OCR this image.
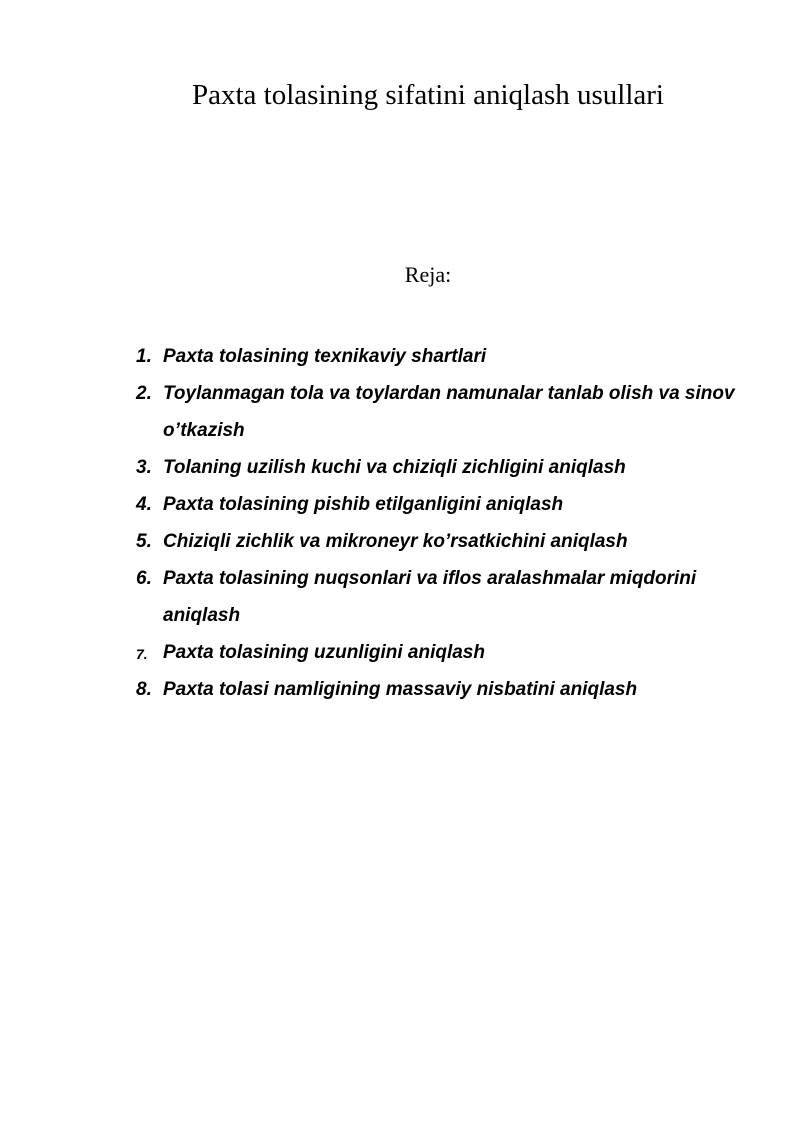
Paxta tolasining sifatini aniqlash usullari

Reja:

1. Paxta tolasining texnikaviy shartlari
2. Toylanmagan tola va toylardan namunalar tanlab olish va sinov o’tkazish
3. Tolaning uzilish kuchi va chiziqli zichligini aniqlash
4. Paxta tolasining pishib etilganligini aniqlash
5. Chiziqli zichlik va mikroneyr ko’rsatkichini aniqlash
6. Paxta tolasining nuqsonlari va iflos aralashmalar miqdorini aniqlash
7. Paxta tolasining uzunligini aniqlash
8. Paxta tolasi namligining massaviy nisbatini aniqlash
